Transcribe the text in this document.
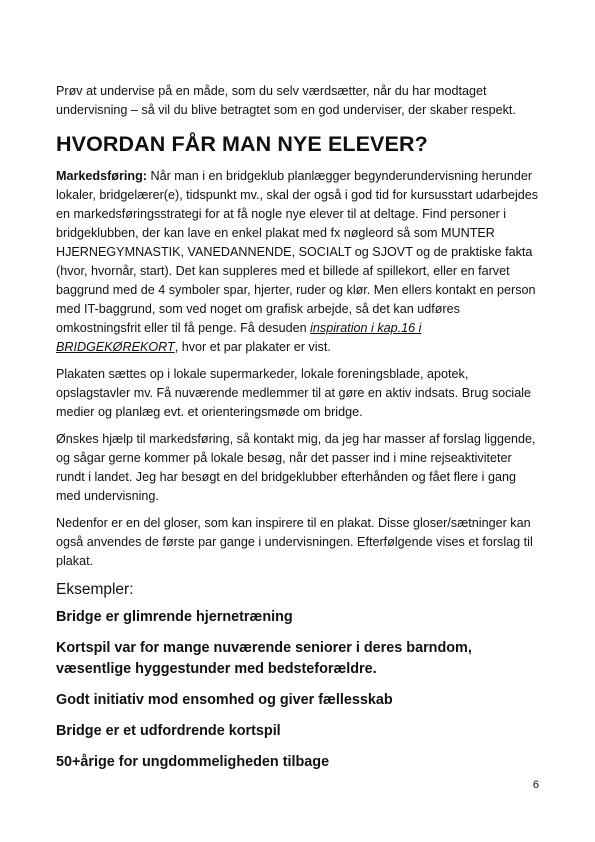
Prøv at undervise på en måde, som du selv værdsætter, når du har modtaget undervisning – så vil du blive betragtet som en god underviser, der skaber respekt.

HVORDAN FÅR MAN NYE ELEVER?

Markedsføring: Når man i en bridgeklub planlægger begynderundervisning herunder lokaler, bridgelærer(e), tidspunkt mv., skal der også i god tid for kursusstart udarbejdes en markedsføringsstrategi for at få nogle nye elever til at deltage. Find personer i bridgeklubben, der kan lave en enkel plakat med fx nøgleord så som MUNTER HJERNEGYMNASTIK, VANEDANNENDE, SOCIALT og SJOVT og de praktiske fakta (hvor, hvornår, start). Det kan suppleres med et billede af spillekort, eller en farvet baggrund med de 4 symboler spar, hjerter, ruder og klør. Men ellers kontakt en person med IT-baggrund, som ved noget om grafisk arbejde, så det kan udføres omkostningsfrit eller til få penge. Få desuden inspiration i kap.16 i BRIDGEKØREKORT, hvor et par plakater er vist.

Plakaten sættes op i lokale supermarkeder, lokale foreningsblade, apotek, opslagstavler mv. Få nuværende medlemmer til at gøre en aktiv indsats. Brug sociale medier og planlæg evt. et orienteringsmøde om bridge.

Ønskes hjælp til markedsføring, så kontakt mig, da jeg har masser af forslag liggende, og sågar gerne kommer på lokale besøg, når det passer ind i mine rejseaktiviteter rundt i landet. Jeg har besøgt en del bridgeklubber efterhånden og fået flere i gang med undervisning.

Nedenfor er en del gloser, som kan inspirere til en plakat. Disse gloser/sætninger kan også anvendes de første par gange i undervisningen. Efterfølgende vises et forslag til plakat.

Eksempler:
Bridge er glimrende hjernetræning
Kortspil var for mange nuværende seniorer i deres barndom, væsentlige hyggestunder med bedsteforældre.
Godt initiativ mod ensomhed og giver fællesskab
Bridge er et udfordrende kortspil
50+årige for ungdommeligheden tilbage
6
